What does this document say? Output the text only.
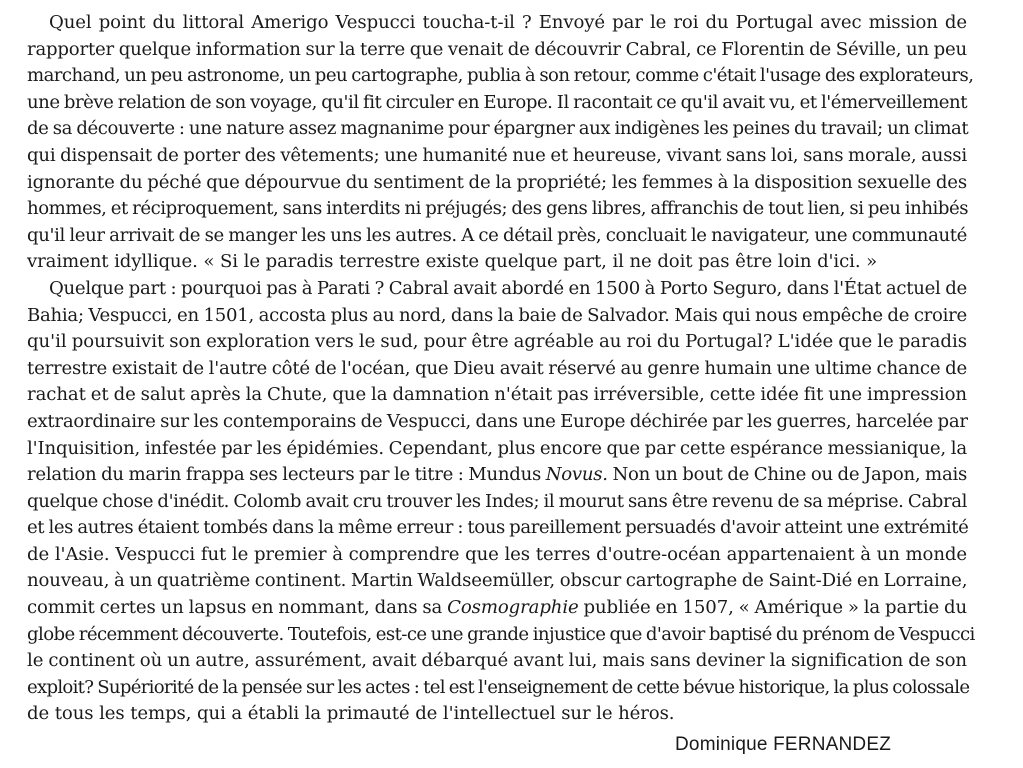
Quel point du littoral Amerigo Vespucci toucha-t-il ? Envoyé par le roi du Portugal avec mission de
rapporter quelque information sur la terre que venait de découvrir Cabral, ce Florentin de Séville, un peu
marchand, un peu astronome, un peu cartographe, publia à son retour, comme c'était l'usage des explorateurs,
une brève relation de son voyage, qu'il fit circuler en Europe. Il racontait ce qu'il avait vu, et l'émerveillement
de sa découverte : une nature assez magnanime pour épargner aux indigènes les peines du travail; un climat
qui dispensait de porter des vêtements; une humanité nue et heureuse, vivant sans loi, sans morale, aussi
ignorante du péché que dépourvue du sentiment de la propriété; les femmes à la disposition sexuelle des
hommes, et réciproquement, sans interdits ni préjugés; des gens libres, affranchis de tout lien, si peu inhibés
qu'il leur arrivait de se manger les uns les autres. A ce détail près, concluait le navigateur, une communauté
vraiment idyllique. « Si le paradis terrestre existe quelque part, il ne doit pas être loin d'ici. »

Quelque part : pourquoi pas à Parati ? Cabral avait abordé en 1500 à Porto Seguro, dans l'État actuel de
Bahia; Vespucci, en 1501, accosta plus au nord, dans la baie de Salvador. Mais qui nous empêche de croire
qu'il poursuivit son exploration vers le sud, pour être agréable au roi du Portugal? L'idée que le paradis
terrestre existait de l'autre côté de l'océan, que Dieu avait réservé au genre humain une ultime chance de
rachat et de salut après la Chute, que la damnation n'était pas irréversible, cette idée fit une impression
extraordinaire sur les contemporains de Vespucci, dans une Europe déchirée par les guerres, harcelée par
l'Inquisition, infestée par les épidémies. Cependant, plus encore que par cette espérance messianique, la
relation du marin frappa ses lecteurs par le titre : Mundus Novus. Non un bout de Chine ou de Japon, mais
quelque chose d'inédit. Colomb avait cru trouver les Indes; il mourut sans être revenu de sa méprise. Cabral
et les autres étaient tombés dans la même erreur : tous pareillement persuadés d'avoir atteint une extrémité
de l'Asie. Vespucci fut le premier à comprendre que les terres d'outre-océan appartenaient à un monde
nouveau, à un quatrième continent. Martin Waldseemüller, obscur cartographe de Saint-Dié en Lorraine,
commit certes un lapsus en nommant, dans sa Cosmographie publiée en 1507, « Amérique » la partie du
globe récemment découverte. Toutefois, est-ce une grande injustice que d'avoir baptisé du prénom de Vespucci
le continent où un autre, assurément, avait débarqué avant lui, mais sans deviner la signification de son
exploit? Supériorité de la pensée sur les actes : tel est l'enseignement de cette bévue historique, la plus colossale
de tous les temps, qui a établi la primauté de l'intellectuel sur le héros.

Dominique FERNANDEZ
